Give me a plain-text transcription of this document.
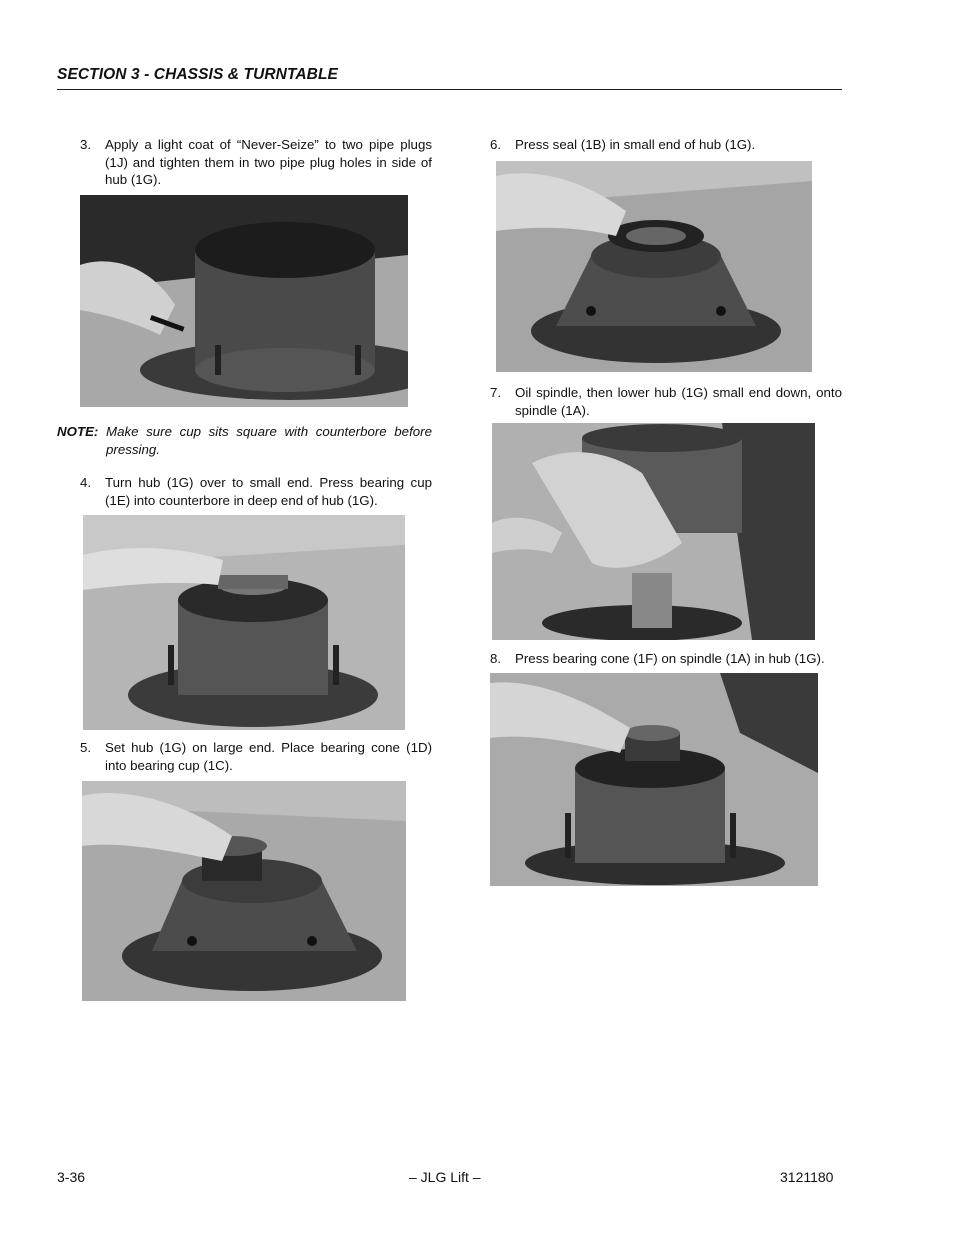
SECTION 3 - CHASSIS & TURNTABLE
3. Apply a light coat of “Never-Seize” to two pipe plugs (1J) and tighten them in two pipe plug holes in side of hub (1G).
NOTE: Make sure cup sits square with counterbore before pressing.
4. Turn hub (1G) over to small end. Press bearing cup (1E) into counterbore in deep end of hub (1G).
5. Set hub (1G) on large end. Place bearing cone (1D) into bearing cup (1C).
6. Press seal (1B) in small end of hub (1G).
7. Oil spindle, then lower hub (1G) small end down, onto spindle (1A).
8. Press bearing cone (1F) on spindle (1A) in hub (1G).
3-36	– JLG Lift –	3121180
